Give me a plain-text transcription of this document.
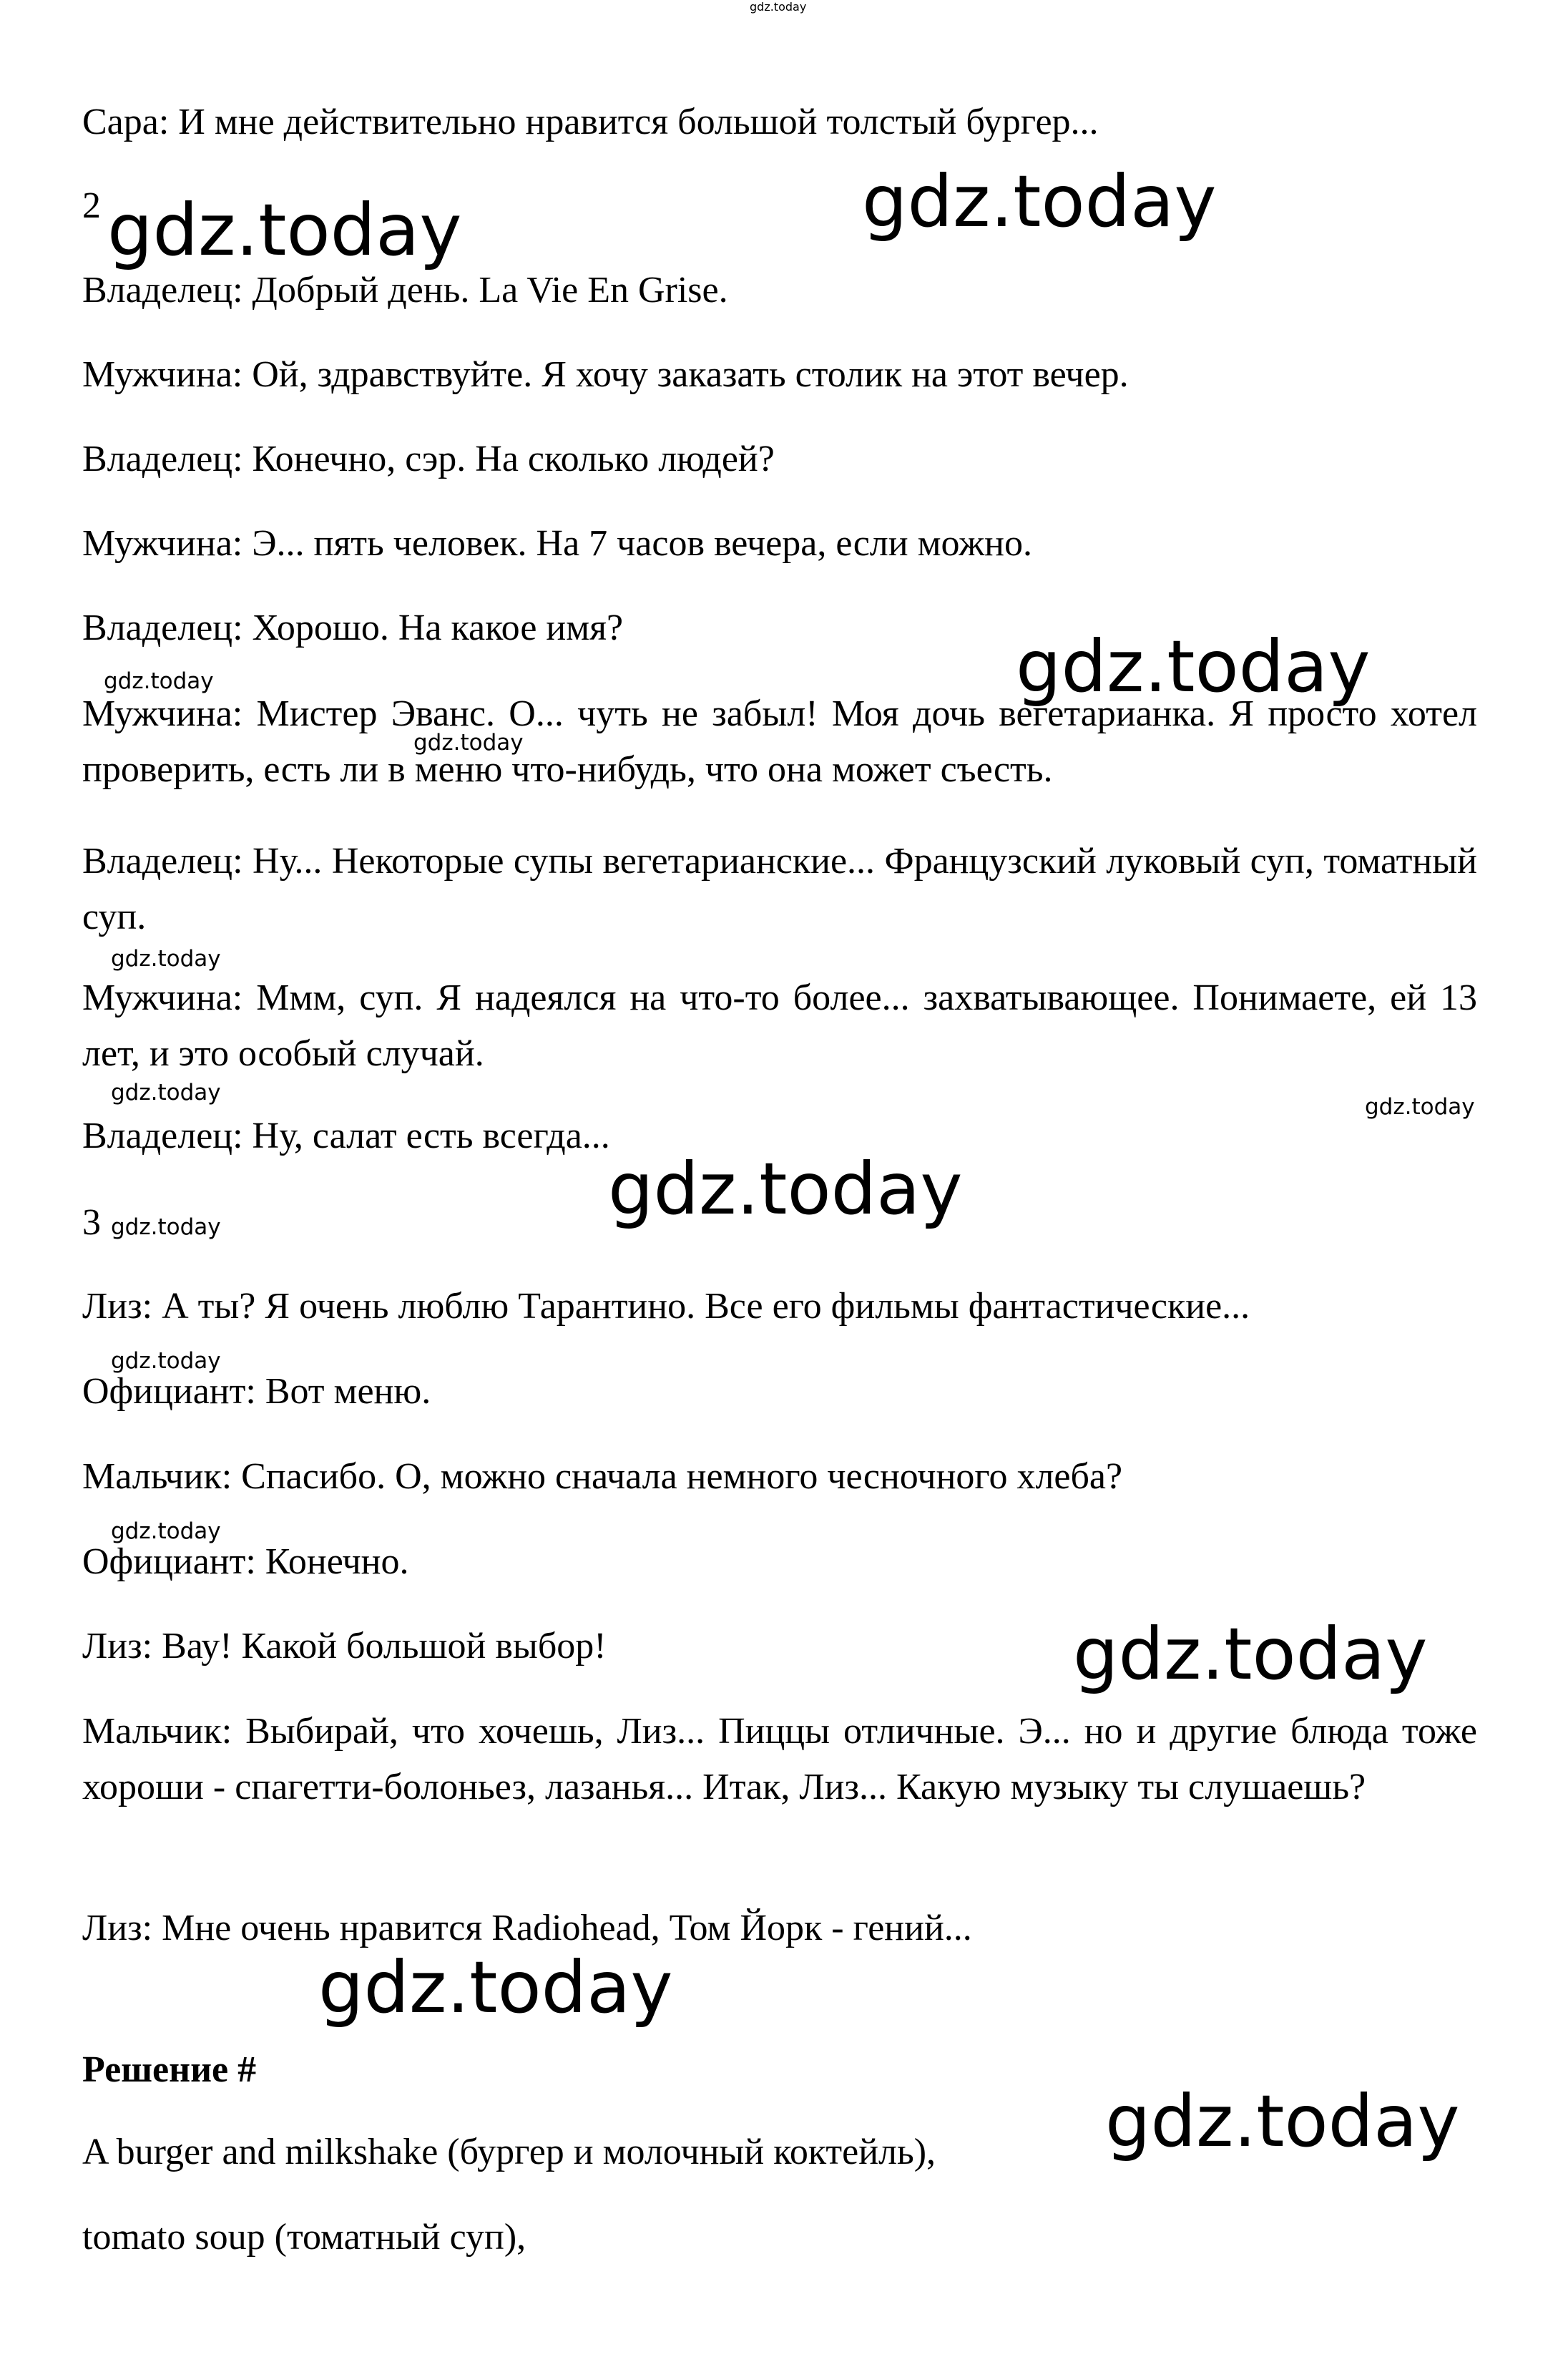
gdz.today

Сара: И мне действительно нравится большой толстый бургер...

2 gdz.today	gdz.today

Владелец: Добрый день. La Vie En Grise.

Мужчина: Ой, здравствуйте. Я хочу заказать столик на этот вечер.

Владелец: Конечно, сэр. На сколько людей?

Мужчина: Э... пять человек. На 7 часов вечера, если можно.

Владелец: Хорошо. На какое имя?

gdz.today	gdz.today

Мужчина: Мистер Эванс. О... чуть не забыл! Моя дочь вегетарианка. Я просто хотел проверить, есть ли в меню что-нибудь, что она может съесть.

gdz.today

Владелец: Ну... Некоторые супы вегетарианские... Французский луковый суп, томатный суп.

gdz.today

Мужчина: Ммм, суп. Я надеялся на что-то более... захватывающее. Понимаете, ей 13 лет, и это особый случай.

gdz.today
gdz.today

Владелец: Ну, салат есть всегда...

3 gdz.today	gdz.today

Лиз: А ты? Я очень люблю Тарантино. Все его фильмы фантастические...

gdz.today

Официант: Вот меню.

Мальчик: Спасибо. О, можно сначала немного чесночного хлеба?

gdz.today

Официант: Конечно.

Лиз: Вау! Какой большой выбор!	gdz.today

Мальчик: Выбирай, что хочешь, Лиз... Пиццы отличные. Э... но и другие блюда тоже хороши - спагетти-болоньез, лазанья... Итак, Лиз... Какую музыку ты слушаешь?

Лиз: Мне очень нравится Radiohead, Том Йорк - гений...

gdz.today

Решение #

gdz.today

A burger and milkshake (бургер и молочный коктейль),

tomato soup (томатный суп),
